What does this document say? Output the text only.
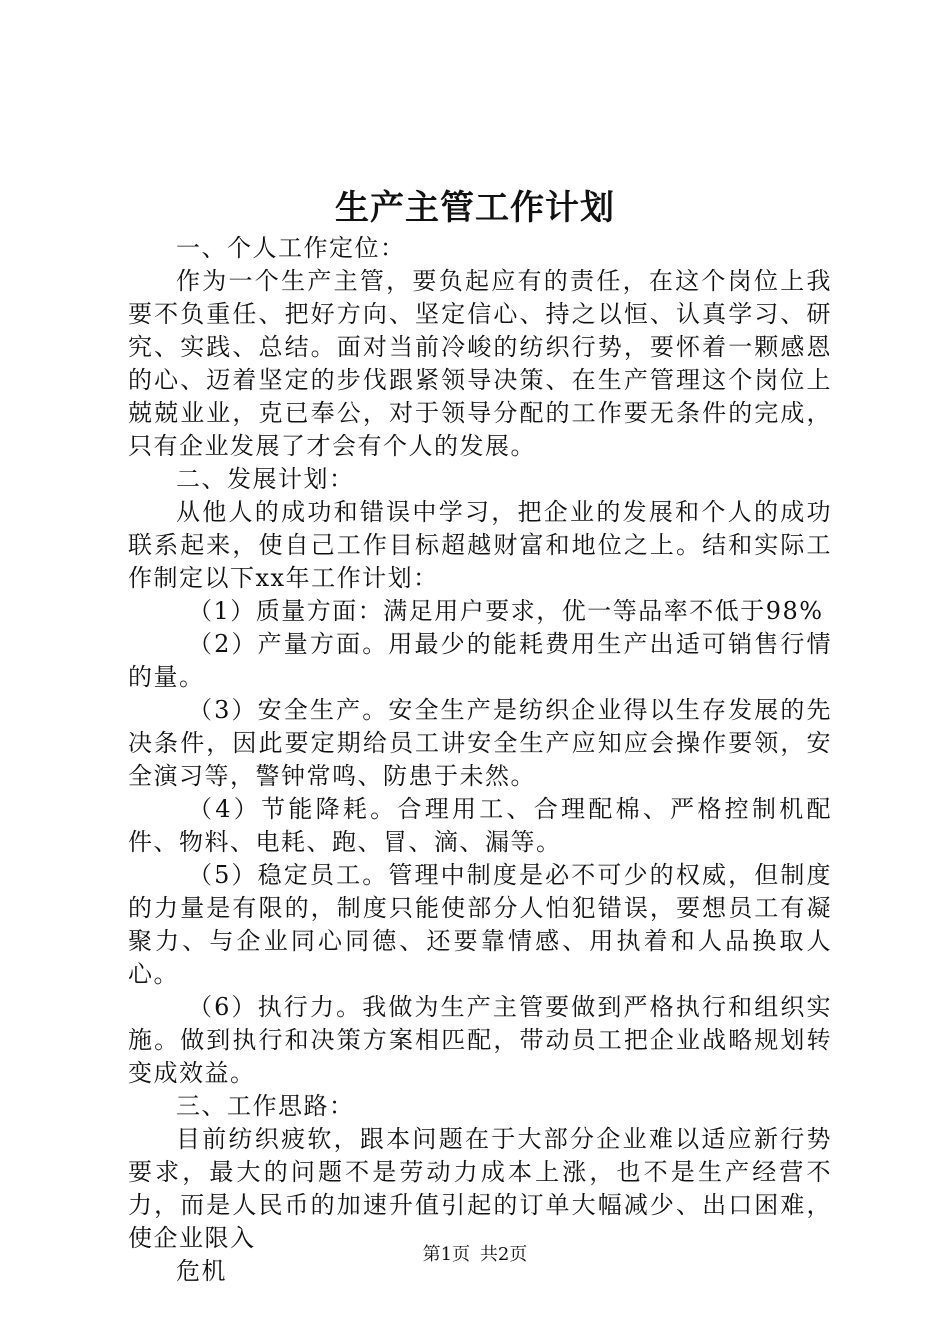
生产主管工作计划

一、个人工作定位：

作为一个生产主管，要负起应有的责任，在这个岗位上我要不负重任、把好方向、坚定信心、持之以恒、认真学习、研究、实践、总结。面对当前冷峻的纺织行势，要怀着一颗感恩的心、迈着坚定的步伐跟紧领导决策、在生产管理这个岗位上兢兢业业，克已奉公，对于领导分配的工作要无条件的完成，只有企业发展了才会有个人的发展。

二、发展计划：

从他人的成功和错误中学习，把企业的发展和个人的成功联系起来，使自己工作目标超越财富和地位之上。结和实际工作制定以下xx年工作计划：

（1）质量方面：满足用户要求，优一等品率不低于98%

（2）产量方面。用最少的能耗费用生产出适可销售行情的量。

（3）安全生产。安全生产是纺织企业得以生存发展的先决条件，因此要定期给员工讲安全生产应知应会操作要领，安全演习等，警钟常鸣、防患于未然。

（4）节能降耗。合理用工、合理配棉、严格控制机配件、物料、电耗、跑、冒、滴、漏等。

（5）稳定员工。管理中制度是必不可少的权威，但制度的力量是有限的，制度只能使部分人怕犯错误，要想员工有凝聚力、与企业同心同德、还要靠情感、用执着和人品换取人心。

（6）执行力。我做为生产主管要做到严格执行和组织实施。做到执行和决策方案相匹配，带动员工把企业战略规划转变成效益。

三、工作思路：

目前纺织疲软，跟本问题在于大部分企业难以适应新行势要求，最大的问题不是劳动力成本上涨，也不是生产经营不力，而是人民币的加速升值引起的订单大幅减少、出口困难，使企业限入

危机

第1页 共2页
